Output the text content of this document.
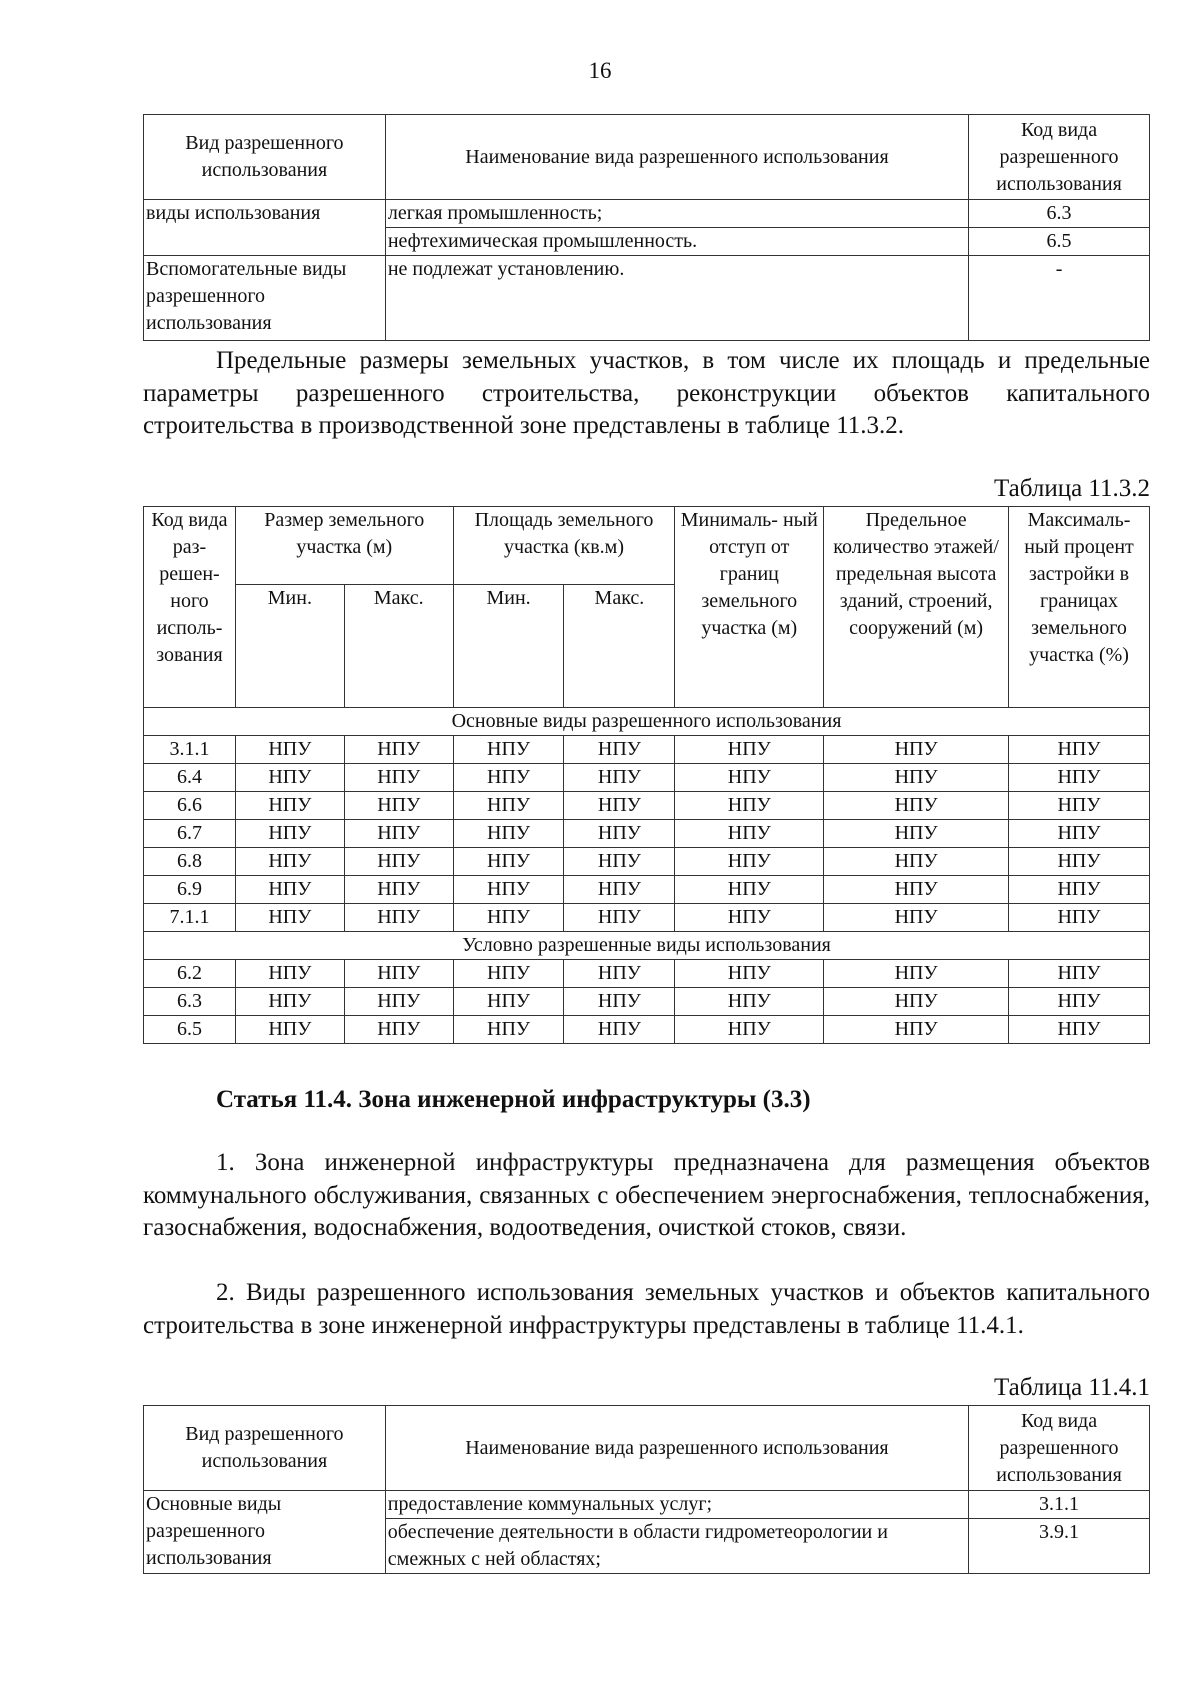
16
Вид разрешенного использования	Наименование вида разрешенного использования	Код вида разрешенного использования
виды использования	легкая промышленность;	6.3
	нефтехимическая промышленность.	6.5
Вспомогательные виды разрешенного использования	не подлежат установлению.	-
Предельные размеры земельных участков, в том числе их площадь и предельные параметры разрешенного строительства, реконструкции объектов капитального строительства в производственной зоне представлены в таблице 11.3.2.
Таблица 11.3.2
Код вида раз- решен- ного исполь- зования	Размер земельного участка (м)		Площадь земельного участка (кв.м)		Минималь- ный отступ от границ земельного участка (м)	Предельное количество этажей/ предельная высота зданий, строений, сооружений (м)	Максималь- ный процент застройки в границах земельного участка (%)
	Мин.	Макс.	Мин.	Макс.			
Основные виды разрешенного использования							
3.1.1	НПУ	НПУ	НПУ	НПУ	НПУ	НПУ	НПУ
6.4	НПУ	НПУ	НПУ	НПУ	НПУ	НПУ	НПУ
6.6	НПУ	НПУ	НПУ	НПУ	НПУ	НПУ	НПУ
6.7	НПУ	НПУ	НПУ	НПУ	НПУ	НПУ	НПУ
6.8	НПУ	НПУ	НПУ	НПУ	НПУ	НПУ	НПУ
6.9	НПУ	НПУ	НПУ	НПУ	НПУ	НПУ	НПУ
7.1.1	НПУ	НПУ	НПУ	НПУ	НПУ	НПУ	НПУ
Условно разрешенные виды использования							
6.2	НПУ	НПУ	НПУ	НПУ	НПУ	НПУ	НПУ
6.3	НПУ	НПУ	НПУ	НПУ	НПУ	НПУ	НПУ
6.5	НПУ	НПУ	НПУ	НПУ	НПУ	НПУ	НПУ
Статья 11.4. Зона инженерной инфраструктуры (3.3)
1. Зона инженерной инфраструктуры предназначена для размещения объектов коммунального обслуживания, связанных с обеспечением энергоснабжения, теплоснабжения, газоснабжения, водоснабжения, водоотведения, очисткой стоков, связи.
2. Виды разрешенного использования земельных участков и объектов капитального строительства в зоне инженерной инфраструктуры представлены в таблице 11.4.1.
Таблица 11.4.1
Вид разрешенного использования	Наименование вида разрешенного использования	Код вида разрешенного использования
Основные виды разрешенного использования	предоставление коммунальных услуг;	3.1.1
	обеспечение деятельности в области гидрометеорологии и смежных с ней областях;	3.9.1
